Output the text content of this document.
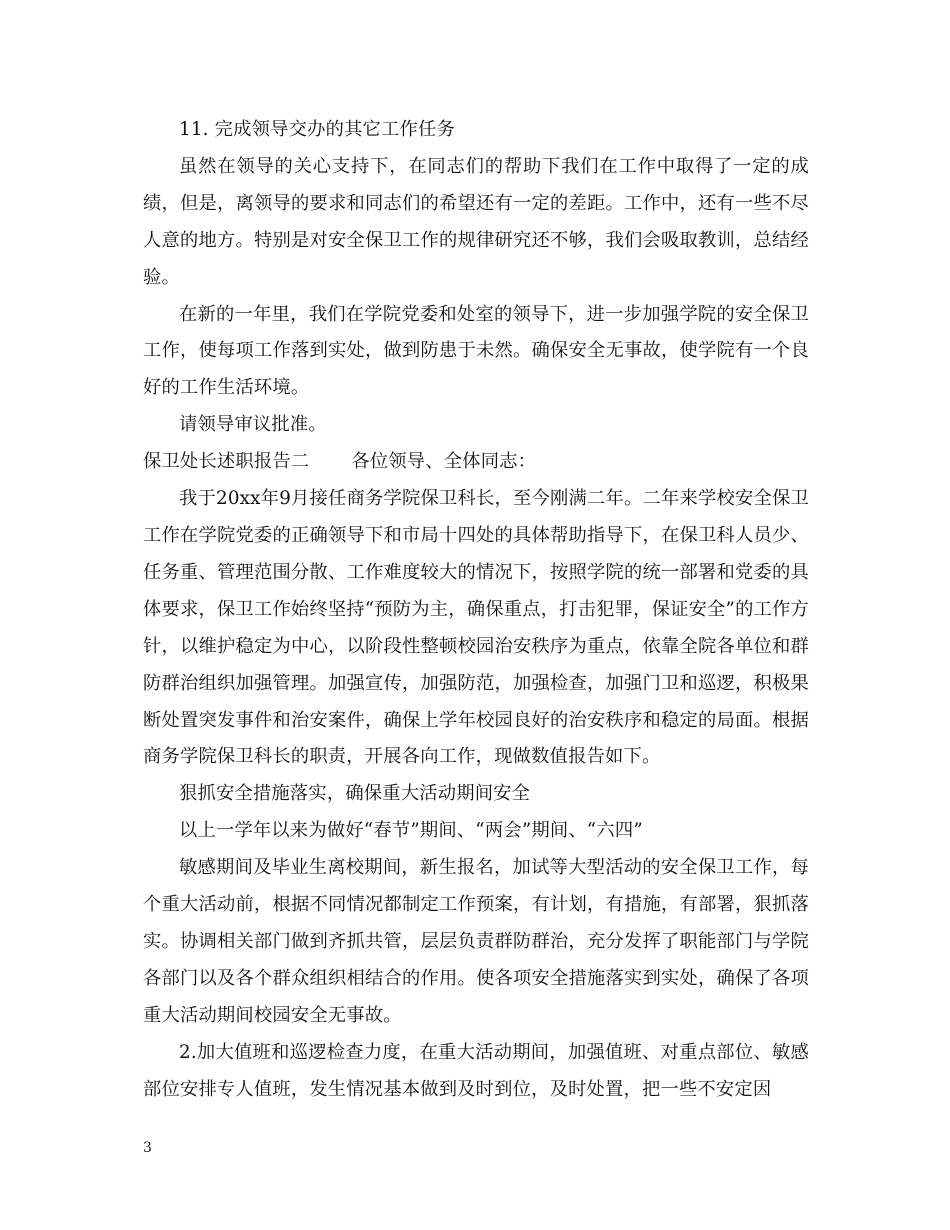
11. 完成领导交办的其它工作任务

虽然在领导的关心支持下，在同志们的帮助下我们在工作中取得了一定的成绩，但是，离领导的要求和同志们的希望还有一定的差距。工作中，还有一些不尽人意的地方。特别是对安全保卫工作的规律研究还不够，我们会吸取教训，总结经验。

在新的一年里，我们在学院党委和处室的领导下，进一步加强学院的安全保卫工作，使每项工作落到实处，做到防患于未然。确保安全无事故，使学院有一个良好的工作生活环境。

请领导审议批准。

保卫处长述职报告二 各位领导、全体同志：

我于20xx年9月接任商务学院保卫科长，至今刚满二年。二年来学校安全保卫工作在学院党委的正确领导下和市局十四处的具体帮助指导下，在保卫科人员少、任务重、管理范围分散、工作难度较大的情况下，按照学院的统一部署和党委的具体要求，保卫工作始终坚持“预防为主，确保重点，打击犯罪，保证安全”的工作方针，以维护稳定为中心，以阶段性整顿校园治安秩序为重点，依靠全院各单位和群防群治组织加强管理。加强宣传，加强防范，加强检查，加强门卫和巡逻，积极果断处置突发事件和治安案件，确保上学年校园良好的治安秩序和稳定的局面。根据商务学院保卫科长的职责，开展各向工作，现做数值报告如下。

狠抓安全措施落实，确保重大活动期间安全

以上一学年以来为做好“春节”期间、“两会”期间、“六四”

敏感期间及毕业生离校期间，新生报名，加试等大型活动的安全保卫工作，每个重大活动前，根据不同情况都制定工作预案，有计划，有措施，有部署，狠抓落实。协调相关部门做到齐抓共管，层层负责群防群治，充分发挥了职能部门与学院各部门以及各个群众组织相结合的作用。使各项安全措施落实到实处，确保了各项重大活动期间校园安全无事故。

2.加大值班和巡逻检查力度，在重大活动期间，加强值班、对重点部位、敏感部位安排专人值班，发生情况基本做到及时到位，及时处置，把一些不安定因

3
